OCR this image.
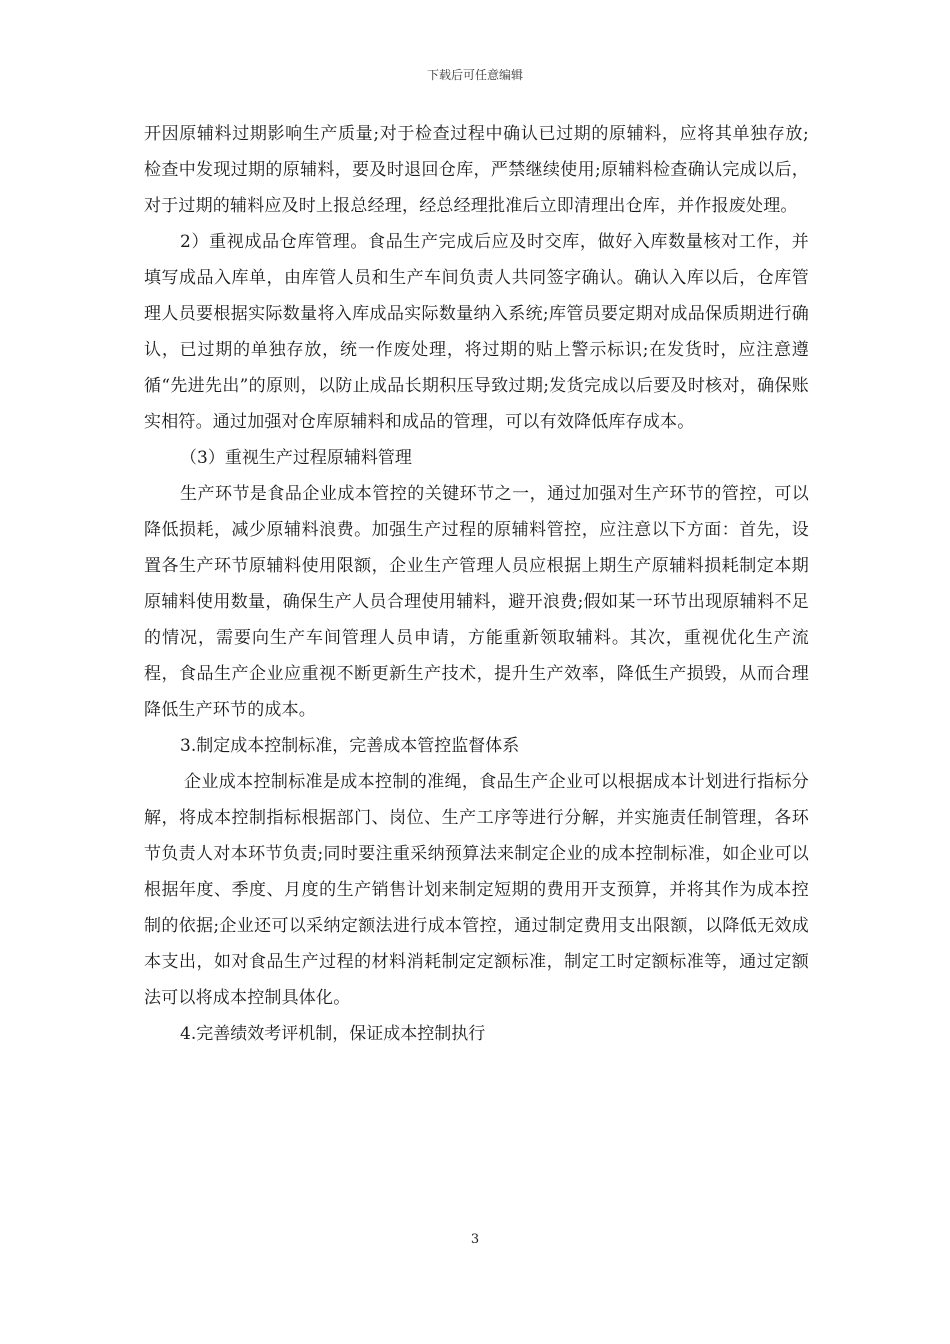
下载后可任意编辑

开因原辅料过期影响生产质量;对于检查过程中确认已过期的原辅料，应将其单独存放;检查中发现过期的原辅料，要及时退回仓库，严禁继续使用;原辅料检查确认完成以后，对于过期的辅料应及时上报总经理，经总经理批准后立即清理出仓库，并作报废处理。

2）重视成品仓库管理。食品生产完成后应及时交库，做好入库数量核对工作，并填写成品入库单，由库管人员和生产车间负责人共同签字确认。确认入库以后，仓库管理人员要根据实际数量将入库成品实际数量纳入系统;库管员要定期对成品保质期进行确认，已过期的单独存放，统一作废处理，将过期的贴上警示标识;在发货时，应注意遵循“先进先出”的原则，以防止成品长期积压导致过期;发货完成以后要及时核对，确保账实相符。通过加强对仓库原辅料和成品的管理，可以有效降低库存成本。

（3）重视生产过程原辅料管理

生产环节是食品企业成本管控的关键环节之一，通过加强对生产环节的管控，可以降低损耗，减少原辅料浪费。加强生产过程的原辅料管控，应注意以下方面：首先，设置各生产环节原辅料使用限额，企业生产管理人员应根据上期生产原辅料损耗制定本期原辅料使用数量，确保生产人员合理使用辅料，避开浪费;假如某一环节出现原辅料不足的情况，需要向生产车间管理人员申请，方能重新领取辅料。其次，重视优化生产流程，食品生产企业应重视不断更新生产技术，提升生产效率，降低生产损毁，从而合理降低生产环节的成本。

3.制定成本控制标准，完善成本管控监督体系

企业成本控制标准是成本控制的准绳，食品生产企业可以根据成本计划进行指标分解，将成本控制指标根据部门、岗位、生产工序等进行分解，并实施责任制管理，各环节负责人对本环节负责;同时要注重采纳预算法来制定企业的成本控制标准，如企业可以根据年度、季度、月度的生产销售计划来制定短期的费用开支预算，并将其作为成本控制的依据;企业还可以采纳定额法进行成本管控，通过制定费用支出限额，以降低无效成本支出，如对食品生产过程的材料消耗制定定额标准，制定工时定额标准等，通过定额法可以将成本控制具体化。

4.完善绩效考评机制，保证成本控制执行

3
